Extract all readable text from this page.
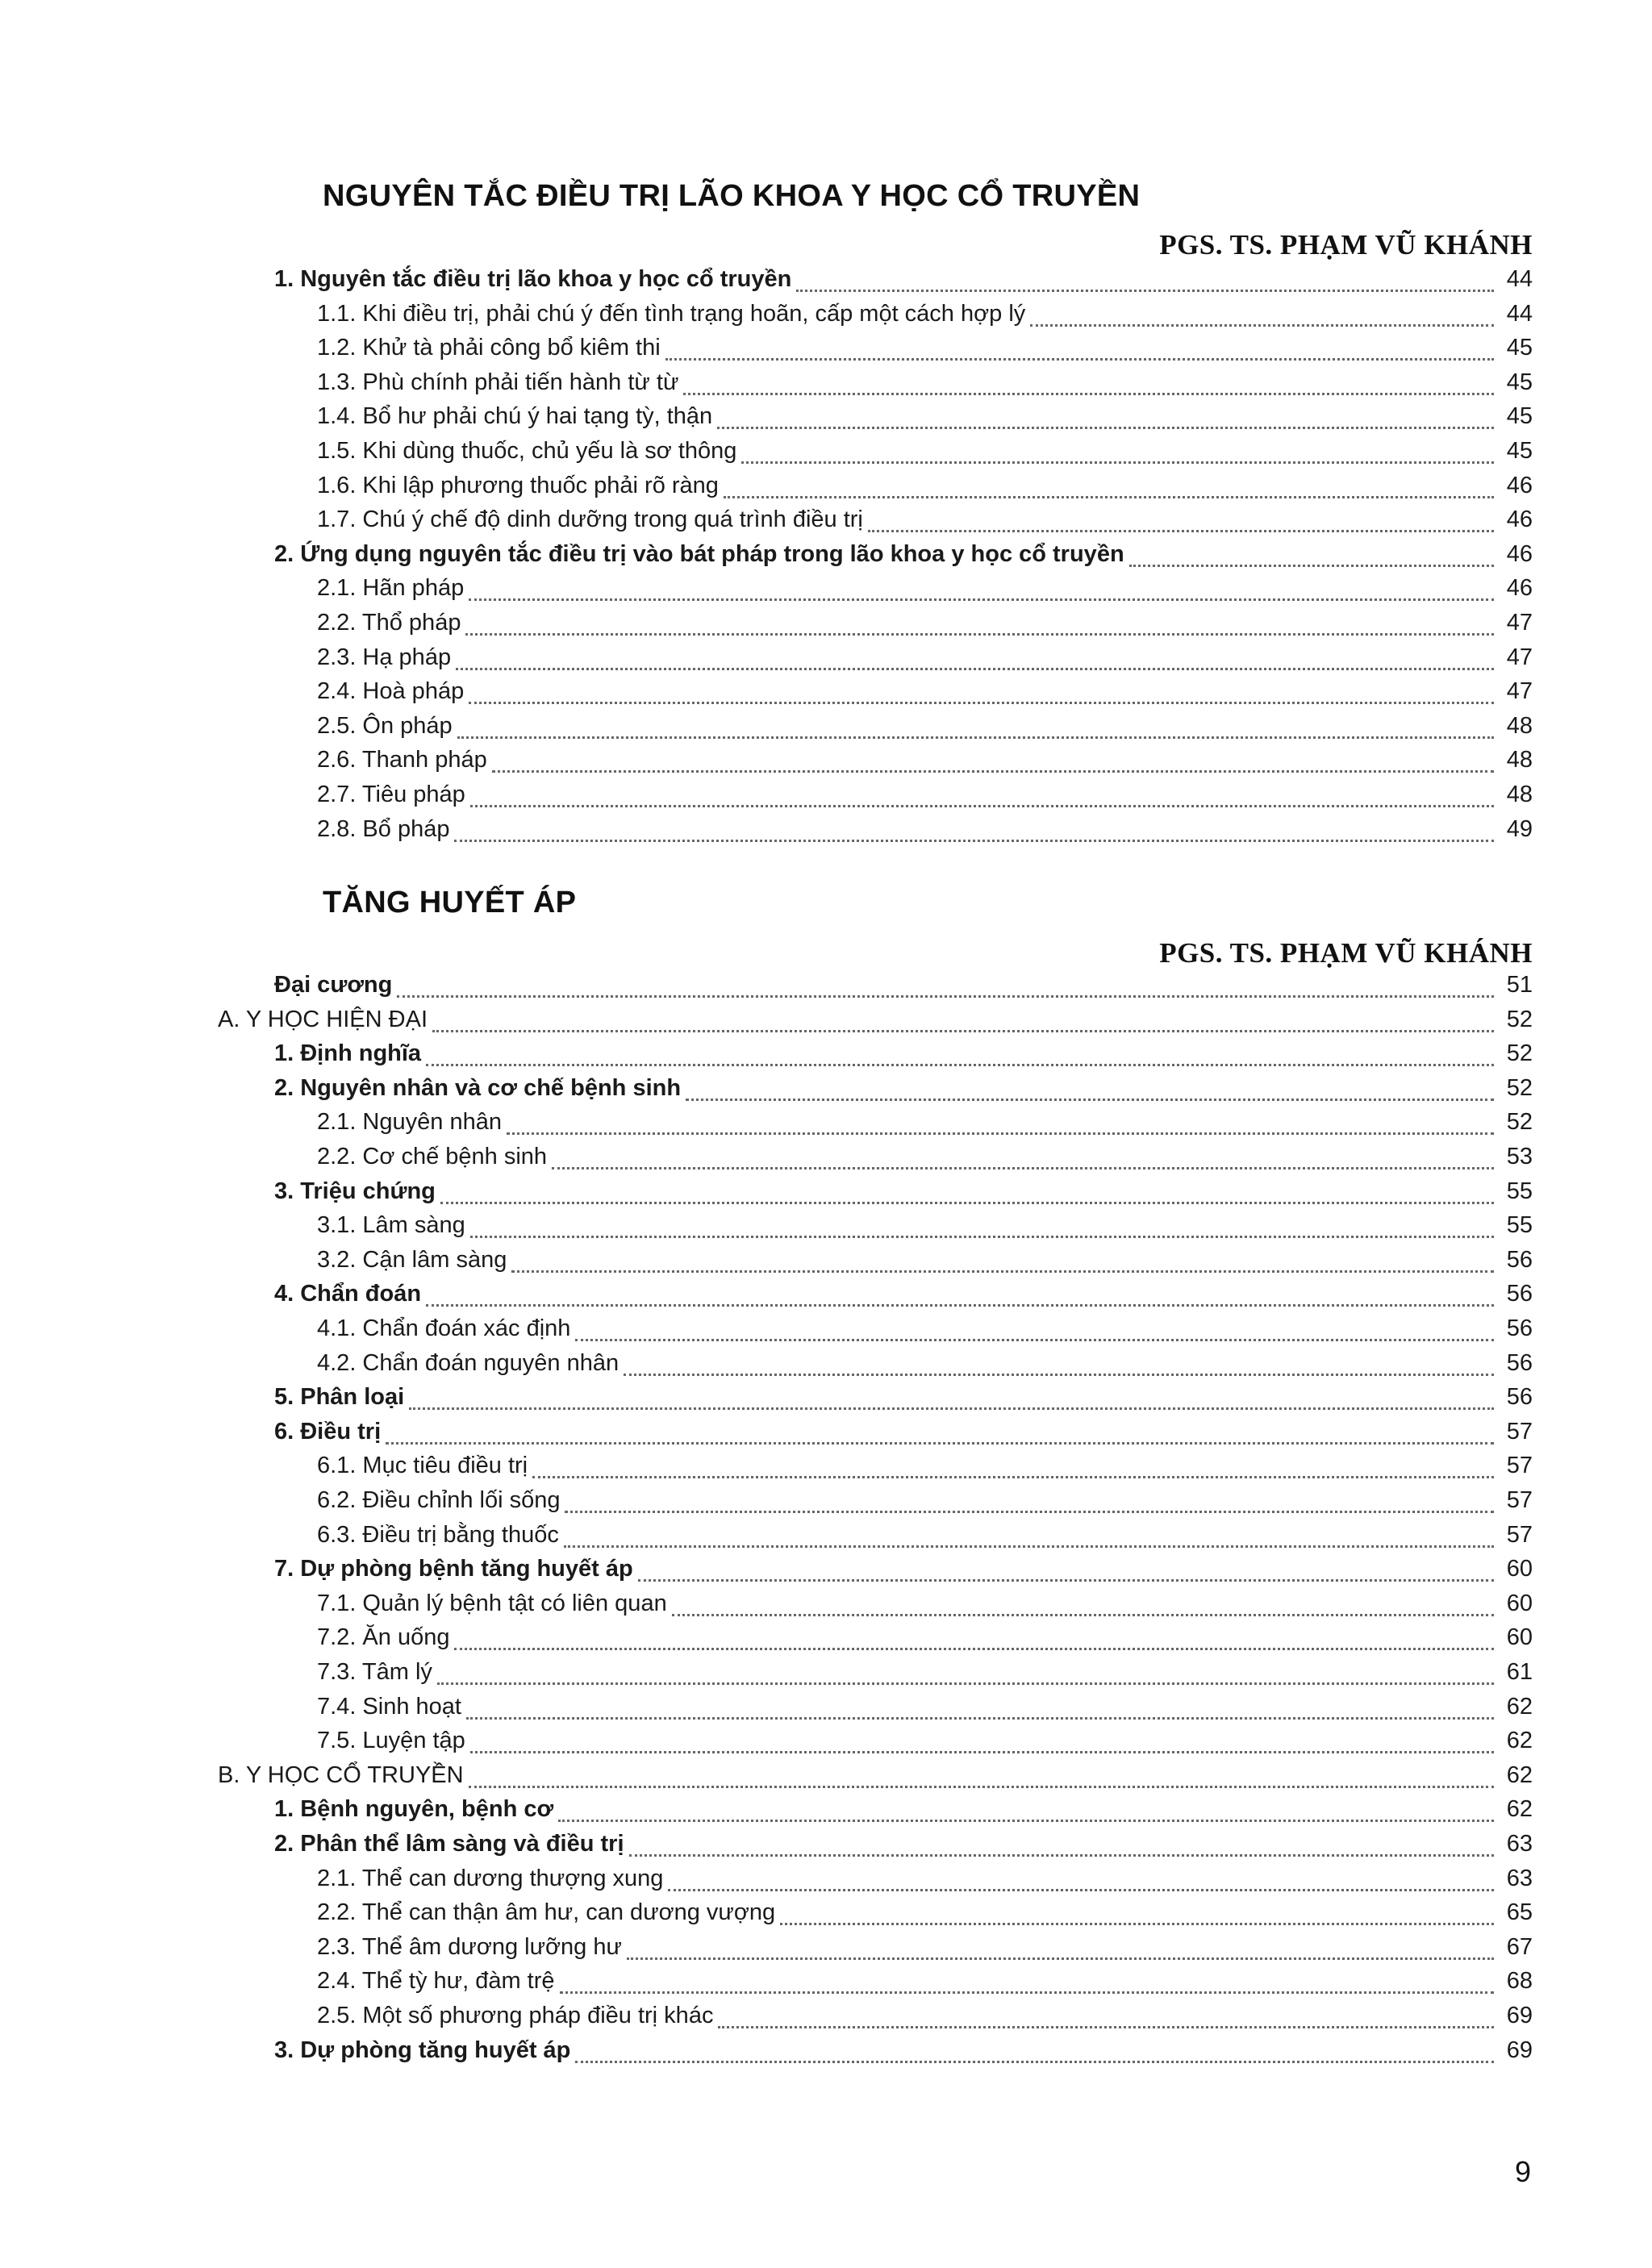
NGUYÊN TẮC ĐIỀU TRỊ LÃO KHOA Y HỌC CỔ TRUYỀN
PGS. TS. PHẠM VŨ KHÁNH
1. Nguyên tắc điều trị lão khoa y học cổ truyền	44
1.1. Khi điều trị, phải chú ý đến tình trạng hoãn, cấp một cách hợp lý	44
1.2. Khử tà phải công bổ kiêm thi	45
1.3. Phù chính phải tiến hành từ từ	45
1.4. Bổ hư phải chú ý hai tạng tỳ, thận	45
1.5. Khi dùng thuốc, chủ yếu là sơ thông	45
1.6. Khi lập phương thuốc phải rõ ràng	46
1.7. Chú ý chế độ dinh dưỡng trong quá trình điều trị	46
2. Ứng dụng nguyên tắc điều trị vào bát pháp trong lão khoa y học cổ truyền	46
2.1. Hãn pháp	46
2.2. Thổ pháp	47
2.3. Hạ pháp	47
2.4. Hoà pháp	47
2.5. Ôn pháp	48
2.6. Thanh pháp	48
2.7. Tiêu pháp	48
2.8. Bổ pháp	49
TĂNG HUYẾT ÁP
PGS. TS. PHẠM VŨ KHÁNH
Đại cương	51
A. Y HỌC HIỆN ĐẠI	52
1. Định nghĩa	52
2. Nguyên nhân và cơ chế bệnh sinh	52
2.1. Nguyên nhân	52
2.2. Cơ chế bệnh sinh	53
3. Triệu chứng	55
3.1. Lâm sàng	55
3.2. Cận lâm sàng	56
4. Chẩn đoán	56
4.1. Chẩn đoán xác định	56
4.2. Chẩn đoán nguyên nhân	56
5. Phân loại	56
6. Điều trị	57
6.1. Mục tiêu điều trị	57
6.2. Điều chỉnh lối sống	57
6.3. Điều trị bằng thuốc	57
7. Dự phòng bệnh tăng huyết áp	60
7.1. Quản lý bệnh tật có liên quan	60
7.2. Ăn uống	60
7.3. Tâm lý	61
7.4. Sinh hoạt	62
7.5. Luyện tập	62
B. Y HỌC CỔ TRUYỀN	62
1. Bệnh nguyên, bệnh cơ	62
2. Phân thể lâm sàng và điều trị	63
2.1. Thể can dương thượng xung	63
2.2. Thể can thận âm hư, can dương vượng	65
2.3. Thể âm dương lưỡng hư	67
2.4. Thể tỳ hư, đàm trệ	68
2.5. Một số phương pháp điều trị khác	69
3. Dự phòng tăng huyết áp	69
9
